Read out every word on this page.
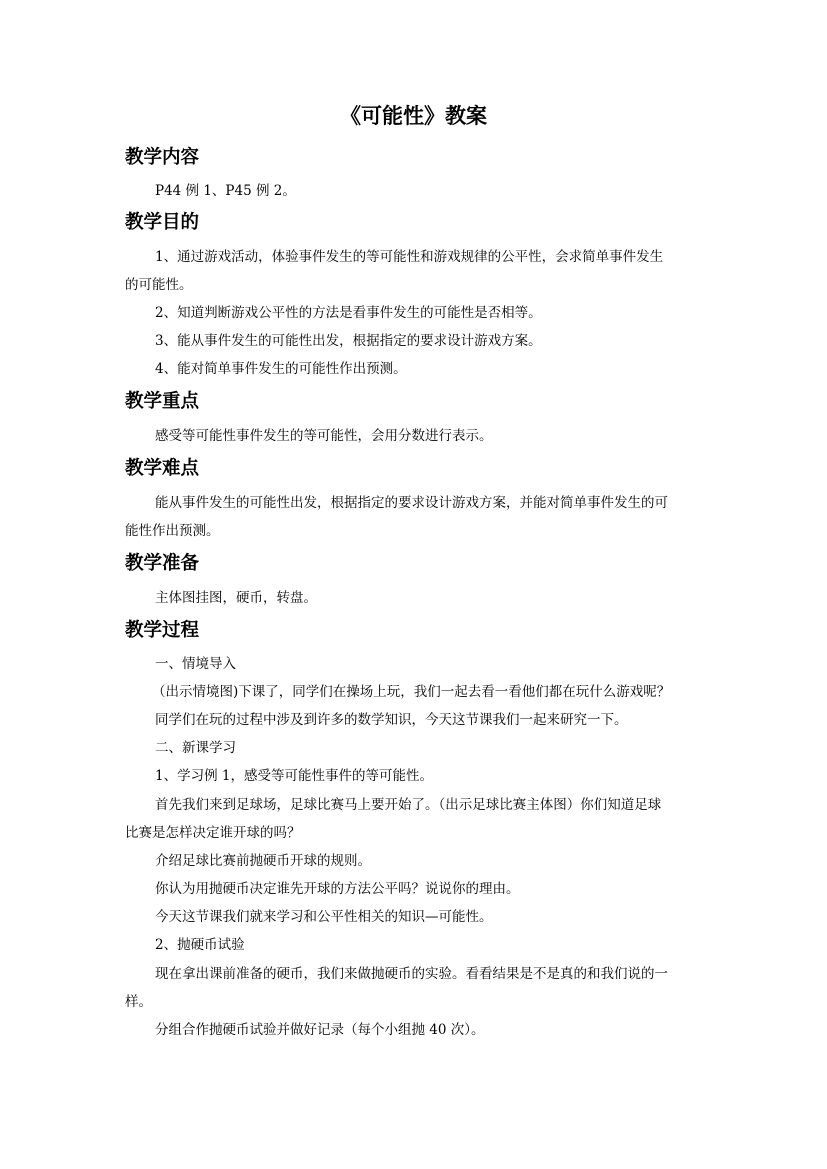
《可能性》教案
教学内容
P44 例 1、P45 例 2。
教学目的
1、通过游戏活动，体验事件发生的等可能性和游戏规律的公平性，会求简单事件发生
的可能性。
2、知道判断游戏公平性的方法是看事件发生的可能性是否相等。
3、能从事件发生的可能性出发，根据指定的要求设计游戏方案。
4、能对简单事件发生的可能性作出预测。
教学重点
感受等可能性事件发生的等可能性，会用分数进行表示。
教学难点
能从事件发生的可能性出发，根据指定的要求设计游戏方案，并能对简单事件发生的可
能性作出预测。
教学准备
主体图挂图，硬币，转盘。
教学过程
一、情境导入
（出示情境图)下课了，同学们在操场上玩，我们一起去看一看他们都在玩什么游戏呢？
同学们在玩的过程中涉及到许多的数学知识，今天这节课我们一起来研究一下。
二、新课学习
1、学习例 1，感受等可能性事件的等可能性。
首先我们来到足球场，足球比赛马上要开始了。（出示足球比赛主体图）你们知道足球
比赛是怎样决定谁开球的吗？
介绍足球比赛前抛硬币开球的规则。
你认为用抛硬币决定谁先开球的方法公平吗？说说你的理由。
今天这节课我们就来学习和公平性相关的知识—可能性。
2、抛硬币试验
现在拿出课前准备的硬币，我们来做抛硬币的实验。看看结果是不是真的和我们说的一
样。
分组合作抛硬币试验并做好记录（每个小组抛 40 次）。
